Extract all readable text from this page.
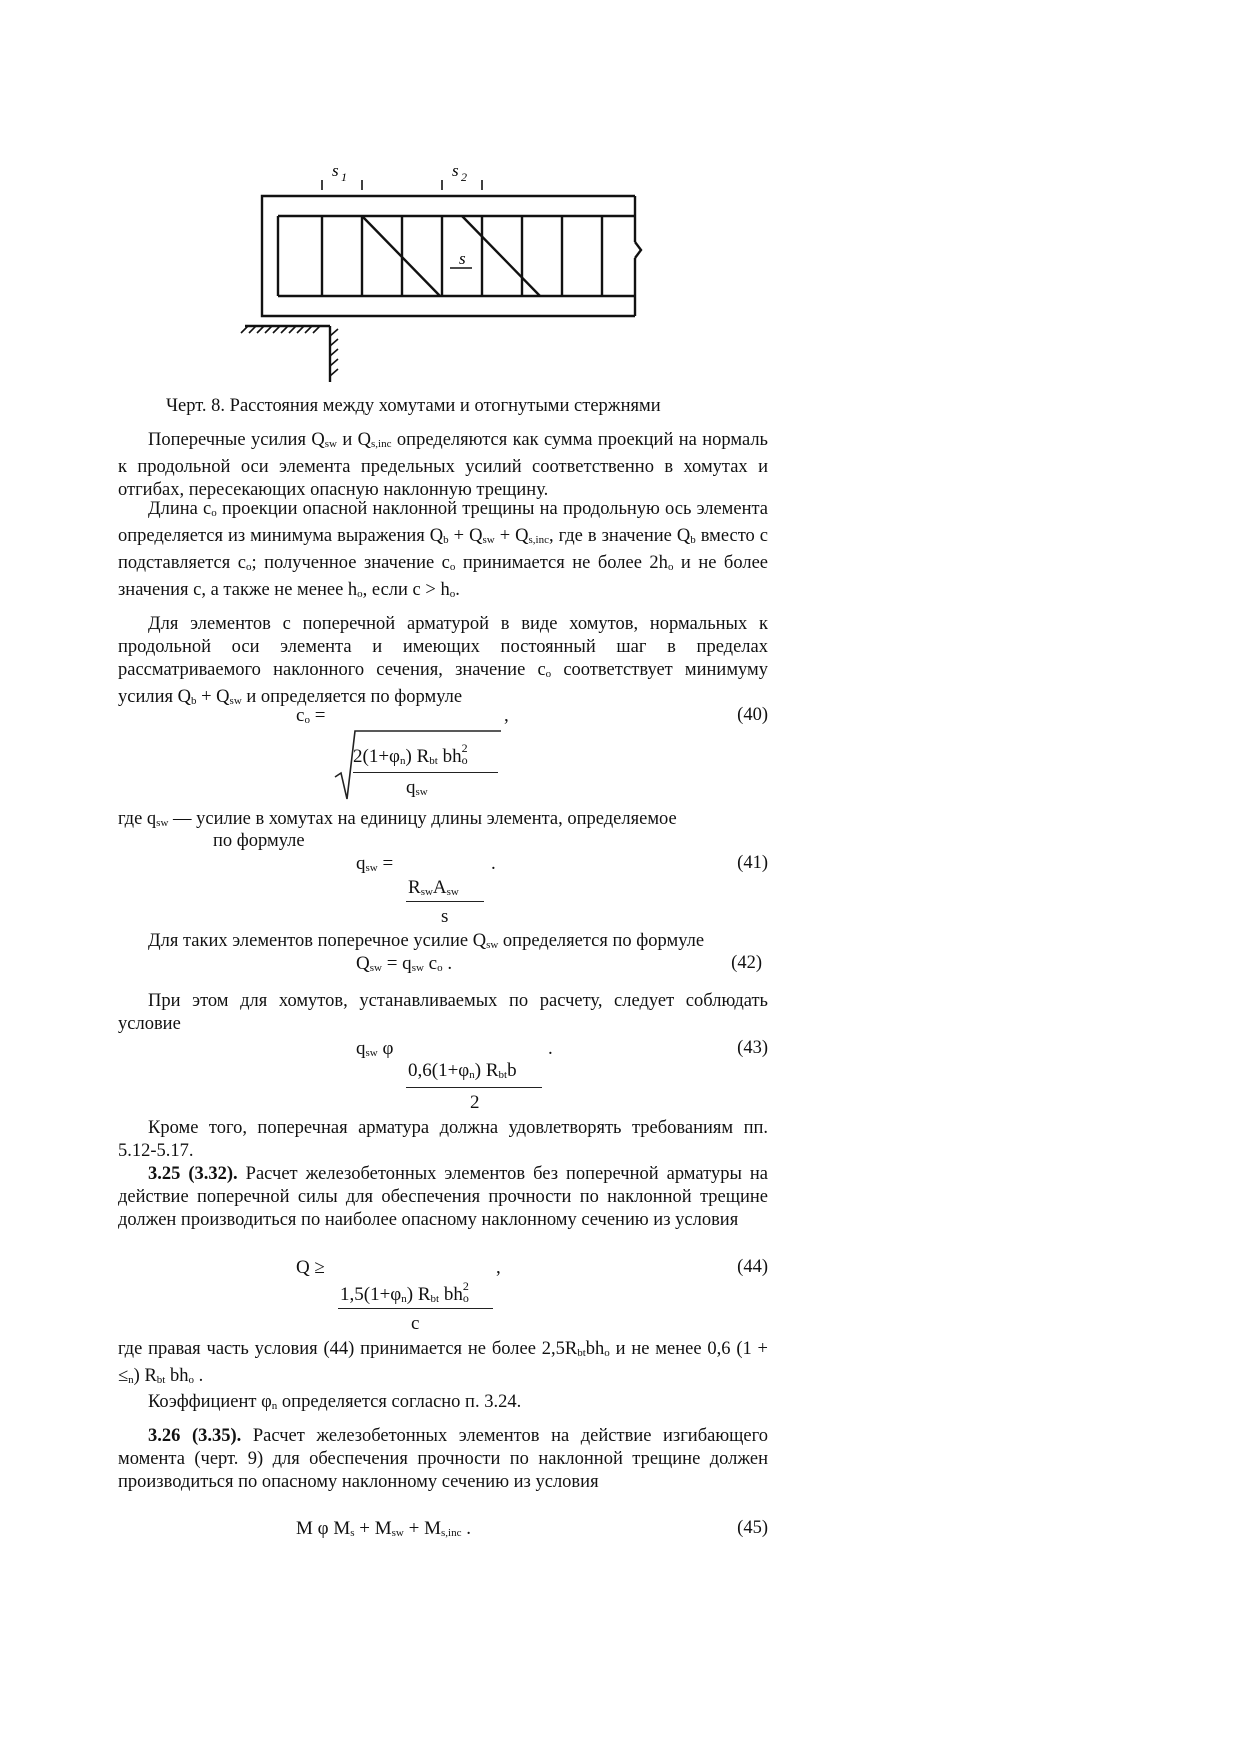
s 1	s 2
s
Черт. 8. Расстояния между хомутами и отогнутыми стержнями
Поперечные усилия Qsw и Qs,inc определяются как сумма проекций на нормаль к продольной оси элемента предельных усилий соответственно в хомутах и отгибах, пересекающих опасную наклонную трещину.
Длина co проекции опасной наклонной трещины на продольную ось элемента определяется из минимума выражения Qb + Qsw + Qs,inc, где в значение Qb вместо c подставляется co; полученное значение co принимается не более 2ho и не более значения c, а также не менее ho, если c > ho.
Для элементов с поперечной арматурой в виде хомутов, нормальных к продольной оси элемента и имеющих постоянный шаг в пределах рассматриваемого наклонного сечения, значение co соответствует минимуму усилия Qb + Qsw и определяется по формуле
co =	,	(40)
2(1+φn) Rbt bh 2
o
qsw
где qsw — усилие в хомутах на единицу длины элемента, определяемое
по формуле
qsw =	.	(41)
RswAsw
s
Для таких элементов поперечное усилие Qsw определяется по формуле
Qsw = qsw co .	(42)
При этом для хомутов, устанавливаемых по расчету, следует соблюдать условие
qsw φ	.	(43)
0,6(1+φn) Rbtb
2
Кроме того, поперечная арматура должна удовлетворять требованиям пп. 5.12-5.17.
3.25 (3.32). Расчет железобетонных элементов без поперечной арматуры на действие поперечной силы для обеспечения прочности по наклонной трещине должен производиться по наиболее опасному наклонному сечению из условия
Q ≥	,	(44)
1,5(1+φn) Rbt bh 2
o
c
где правая часть условия (44) принимается не более 2,5Rbtbho и не менее 0,6 (1 + ≤n) Rbt bho .
Коэффициент φn определяется согласно п. 3.24.
3.26 (3.35). Расчет железобетонных элементов на действие изгибающего момента (черт. 9) для обеспечения прочности по наклонной трещине должен производиться по опасному наклонному сечению из условия
M φ Ms + Msw + Ms,inc .	(45)
